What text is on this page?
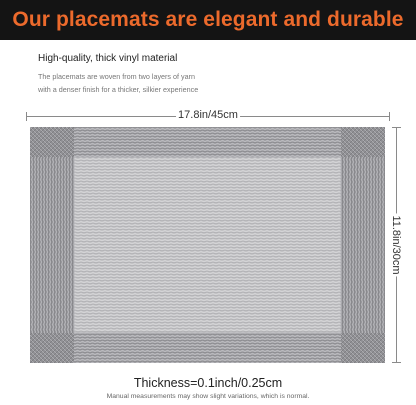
Our placemats are elegant and durable
High-quality, thick vinyl material
The placemats are woven from two layers of yarn
with a denser finish for a thicker, silkier experience
17.8in/45cm
11.8in/30cm
Thickness=0.1inch/0.25cm
Manual measurements may show slight variations, which is normal.
